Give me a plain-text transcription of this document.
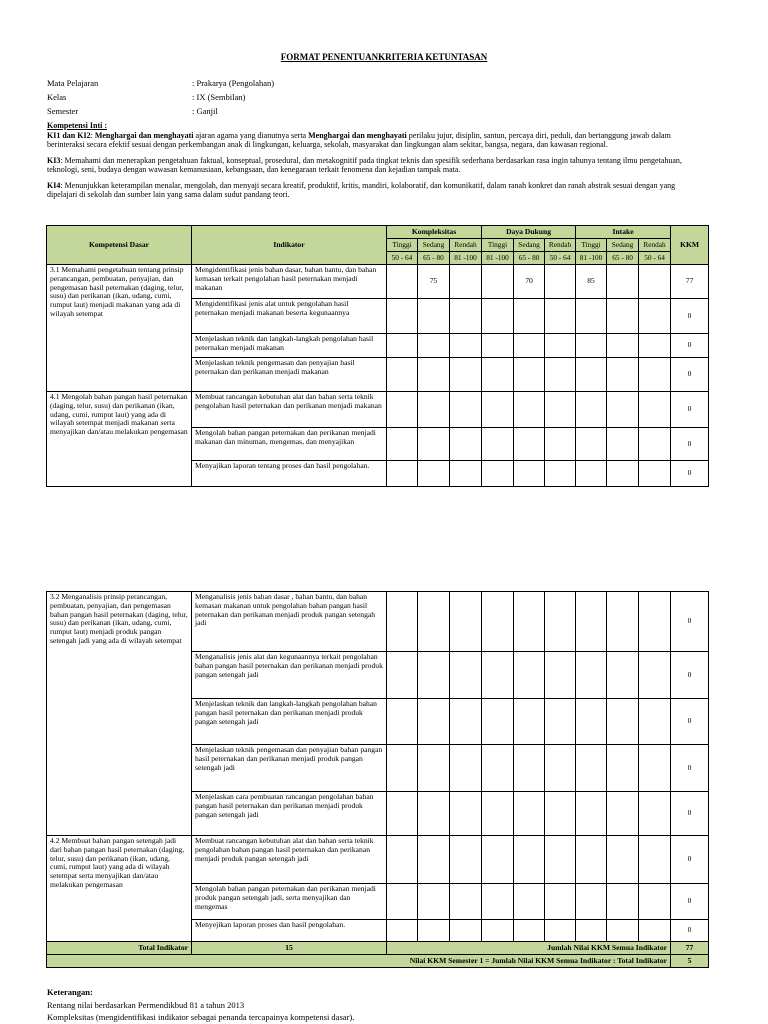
FORMAT PENENTUANKRITERIA KETUNTASAN
Mata Pelajaran	: Prakarya (Pengolahan)
Kelas	: IX (Sembilan)
Semester	: Ganjil
Kompetensi Inti :

KI1 dan KI2: Menghargai dan menghayati ajaran agama yang dianutnya serta Menghargai dan menghayati perilaku jujur, disiplin, santun, percaya diri, peduli, dan bertanggung jawab dalam berinteraksi secara efektif sesuai dengan perkembangan anak di lingkungan, keluarga, sekolah, masyarakat dan lingkungan alam sekitar, bangsa, negara, dan kawasan regional.

KI3: Memahami dan menerapkan pengetahuan faktual, konseptual, prosedural, dan metakognitif pada tingkat teknis dan spesifik sederhana berdasarkan rasa ingin tahunya tentang ilmu pengetahuan, teknologi, seni, budaya dengan wawasan kemanusiaan, kebangsaan, dan kenegaraan terkait fenomena dan kejadian tampak mata.

KI4: Menunjukkan keterampilan menalar, mengolah, dan menyaji secara kreatif, produktif, kritis, mandiri, kolaboratif, dan komunikatif, dalam ranah konkret dan ranah abstrak sesuai dengan yang dipelajari di sekolah dan sumber lain yang sama dalam sudut pandang teori.

Kompetensi Dasar	Indikator	Kompleksitas			Daya Dukung			Intake			KKM
		Tinggi	Sedang	Rendah	Tinggi	Sedang	Rendah	Tinggi	Sedang	Rendah	
		50 - 64	65 - 80	81 -100	81 -100	65 - 80	50 - 64	81 -100	65 - 80	50 - 64	
3.1 Memahami pengetahuan tentang prinsip perancangan, pembuatan, penyajian, dan pengemasan hasil peternakan (daging, telur, susu) dan perikanan (ikan, udang, cumi, rumput laut) menjadi makanan yang ada di wilayah setempat	Mengidentifikasi jenis bahan dasar, bahan bantu, dan bahan kemasan terkait pengolahan hasil peternakan menjadi makanan		75			70		85			77
	Mengidentifikasi jenis alat untuk pengolahan hasil peternakan menjadi makanan beserta kegunaannya										0
	Menjelaskan teknik dan langkah-langkah pengolahan hasil peternakan menjadi makanan										0
	Menjelaskan teknik pengemasan dan penyajian hasil peternakan dan perikanan menjadi makanan										0
4.1 Mengolah bahan pangan hasil peternakan (daging, telur, susu) dan perikanan (ikan, udang, cumi, rumput laut) yang ada di wilayah setempat menjadi makanan serta menyajikan dan/atau melakukan pengemasan	Membuat rancangan kebutuhan alat dan bahan serta teknik pengolahan hasil peternakan dan perikanan menjadi makanan										0
	Mengolah bahan pangan peternakan dan perikanan menjadi makanan dan minuman, mengemas, dan menyajikan										0
	Menyajikan laporan tentang proses dan hasil pengolahan.										0
3.2 Menganalisis prinsip perancangan, pembuatan, penyajian, dan pengemasan bahan pangan hasil peternakan (daging, telur, susu) dan perikanan (ikan, udang, cumi, rumput laut) menjadi produk pangan setengah jadi yang ada di wilayah setempat	Menganalisis jenis bahan dasar , bahan bantu, dan bahan kemasan makanan untuk pengolahan bahan pangan hasil peternakan dan perikanan menjadi produk pangan setengah jadi										0
	Menganalisis jenis alat dan kegunaannya terkait pengolahan bahan pangan hasil peternakan dan perikanan menjadi produk pangan setengah jadi										0
	Menjelaskan teknik dan langkah-langkah pengolahan bahan pangan hasil peternakan dan perikanan menjadi produk pangan setengah jadi										0
	Menjelaskan teknik pengemasan dan penyajian bahan pangan hasil peternakan dan perikanan menjadi produk pangan setengah jadi										0
	Menjelaskan cara pembuatan rancangan pengolahan bahan pangan hasil peternakan dan perikanan menjadi produk pangan setengah jadi										0
4.2 Membuat bahan pangan setengah jadi dari bahan pangan hasil peternakan (daging, telur, susu) dan perikanan (ikan, udang, cumi, rumput laut) yang ada di wilayah setempat serta menyajikan dan/atau melakukan pengemasan	Membuat rancangan kebutuhan alat dan bahan serta teknik pengolahan bahan pangan hasil peternakan dan perikanan menjadi produk pangan setengah jadi										0
	Mengolah bahan pangan peternakan dan perikanan menjadi produk pangan setengah jadi, serta menyajikan dan mengemas										0
	Menyejikan laporan proses dan hasil pengolahan.										0
Total Indikator	15	Jumlah Nilai KKM Semua Indikator									77
Nilai KKM Semester 1 = Jumlah Nilai KKM Semua Indikator : Total Indikator											5
Keterangan:
Rentang nilai berdasarkan Permendikbud 81 a tahun 2013
Kompleksitas (mengidentifikasi indikator sebagai penanda tercapainya kompetensi dasar).
